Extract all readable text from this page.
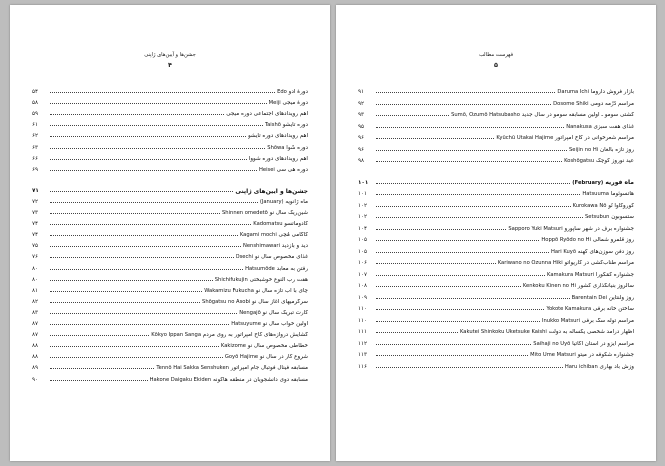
جشن‌ها و آیین‌های ژاپنی
۴
۵۴	دورهٔ ادو Edo
۵۸	دورهٔ میجی Meiji
۵۹	اهم رویدادهای اجتماعی دوره میجی
۶۱	دوره تایشو Taishō
۶۲	اهم رویدادهای دوره تایشو
۶۳	دوره شُوا Shōwa
۶۶	اهم رویدادهای دوره شووا
۶۹	دوره هی سی Heisei
۷۱	جشن‌ها و آیین‌های ژاپنی
۷۲	ماه ژانویه (January)
۷۳	شین‌ریک سال نو Shinnen omedetō
۷۴	کادوماتسو Kadomatsu
۷۴	کاگامی مُچی Kagami mochi
۷۵	دید و بازدید Nenshimawari
۷۶	غذای مخصوص سال نو Osechi
۸۰	رفتن به معابد Hatsumōde
۸۰	هفت رب النوع خوشبختی Shichifukujin
۸۱	چای با آب تازه سال نو Wakamizu Fukucha
۸۲	سرگرمیهای آغاز سال نو Shōgatsu no Asobi
۸۳	کارت تبریک سال نو Nengajō
۸۷	اولین خواب سال نو Hatsuyume
۸۷	گشایش دروازه‌های کاخ امپراتور به روی مردم Kōkyo Ippan Sanga
۸۸	خطاطی مخصوص سال نو Kakizome
۸۸	شروع کار در سال نو Goyō Hajime
۸۹	مسابقه فینال فوتبال جام امپراتور Tennō Hai Sakka Senshuken
۹۰	مسابقه دوی دانشجویان در منطقه هاکونه Hakone Daigaku Ekiden
فهرست مطالب
۵
۹۱	بازار فروش داروما Daruma Ichi
۹۲	مراسم دُرُمه دومی Dosome Shiki
۹۳	کشتی سومو ـ اولین مسابقه سومو در سال جدید Sumō, Ōzumō Hatsubasho
۹۵	غذای هفت سبزی Nanakusa
۹۶	مراسم شعرخوانی در کاخ امپراتور Kyūchū Utakai Hajime
۹۶	روز تازه بالغان Seijin no Hi
۹۸	عید نوروز کوچک Koshōgatsu
۱۰۱	ماه فوریه (February)
۱۰۱	هاتسوئوما Hatsuuma
۱۰۲	کوروکاوا نُو Kurokawa Nō
۱۰۲	ستسوبون Setsubun
۱۰۴	جشنواره برف در شهر ساپورو Sapporo Yuki Matsuri
۱۰۵	روز قلمرو شمالی Hoppō Ryōdo no Hi
۱۰۵	روز دفن سوزن‌های کهنه Hari Kuyō
۱۰۶	مراسم طناب‌کشی در کاریواتو Kariwano no Ōzunna Hiki
۱۰۷	جشنواره کَمَکورا Kamakura Matsuri
۱۰۸	سالروز بنیانگذاری کشور Kenkoku Kinen no Hi
۱۰۹	روز ولنتاین Barentain Dei
۱۱۰	ساختن خانه برفی Yokote Kamakura
۱۱۰	مراسم توله سگ برفی Inukko Matsuri
۱۱۱	اظهار درآمد شخصی یکساله به دولت Kakutei Shinkoku Uketsuke Kaishi
۱۱۲	مراسم آیزو در استان آکاتیا Saihaji no Uyō
۱۱۳	جشنواره شکوفه در میتو Mito Ume Matsuri
۱۱۶	وزش باد بهاری Haru ichiban
